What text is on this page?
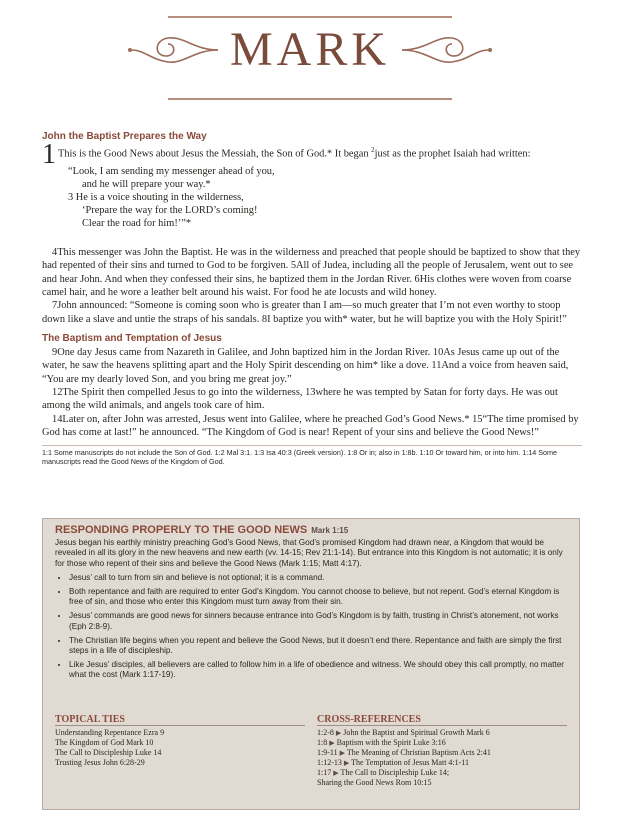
MARK
John the Baptist Prepares the Way
1 This is the Good News about Jesus the Messiah, the Son of God.* It began $^2$just as the prophet Isaiah had written:
“Look, I am sending my messenger ahead of you,
and he will prepare your way.*
3 He is a voice shouting in the wilderness,
‘Prepare the way for the LORD’s coming!
Clear the road for him!’”*

4This messenger was John the Baptist. He was in the wilderness and preached that people should be baptized to show that they had repented of their sins and turned to God to be forgiven. 5All of Judea, including all the people of Jerusalem, went out to see and hear John. And when they confessed their sins, he baptized them in the Jordan River. 6His clothes were woven from coarse camel hair, and he wore a leather belt around his waist. For food he ate locusts and wild honey.

7John announced: “Someone is coming soon who is greater than I am—so much greater that I’m not even worthy to stoop down like a slave and untie the straps of his sandals. 8I baptize you with* water, but he will baptize you with the Holy Spirit!”

The Baptism and Temptation of Jesus

9One day Jesus came from Nazareth in Galilee, and John baptized him in the Jordan River. 10As Jesus came up out of the water, he saw the heavens splitting apart and the Holy Spirit descending on him* like a dove. 11And a voice from heaven said, “You are my dearly loved Son, and you bring me great joy.”

12The Spirit then compelled Jesus to go into the wilderness, 13where he was tempted by Satan for forty days. He was out among the wild animals, and angels took care of him.

14Later on, after John was arrested, Jesus went into Galilee, where he preached God’s Good News.* 15“The time promised by God has come at last!” he announced. “The Kingdom of God is near! Repent of your sins and believe the Good News!”

1:1 Some manuscripts do not include the Son of God. 1:2 Mal 3:1. 1:3 Isa 40:3 (Greek version). 1:8 Or in; also in 1:8b. 1:10 Or toward him, or into him. 1:14 Some manuscripts read the Good News of the Kingdom of God.
RESPONDING PROPERLY TO THE GOOD NEWS Mark 1:15
Jesus began his earthly ministry preaching God’s Good News, that God’s promised Kingdom had drawn near, a Kingdom that would be revealed in all its glory in the new heavens and new earth (vv. 14-15; Rev 21:1-14). But entrance into this Kingdom is not automatic; it is only for those who repent of their sins and believe the Good News (Mark 1:15; Matt 4:17).
• Jesus’ call to turn from sin and believe is not optional; it is a command.
• Both repentance and faith are required to enter God’s Kingdom. You cannot choose to believe, but not repent. God’s eternal Kingdom is free of sin, and those who enter this Kingdom must turn away from their sin.
• Jesus’ commands are good news for sinners because entrance into God’s Kingdom is by faith, trusting in Christ’s atonement, not works (Eph 2:8-9).
• The Christian life begins when you repent and believe the Good News, but it doesn’t end there. Repentance and faith are simply the first steps in a life of discipleship.
• Like Jesus’ disciples, all believers are called to follow him in a life of obedience and witness. We should obey this call promptly, no matter what the cost (Mark 1:17-19).
TOPICAL TIES
Understanding Repentance Ezra 9
The Kingdom of God Mark 10
The Call to Discipleship Luke 14
Trusting Jesus John 6:28-29
CROSS-REFERENCES
1:2-8 ▶ John the Baptist and Spiritual Growth Mark 6
1:8 ▶ Baptism with the Spirit Luke 3:16
1:9-11 ▶ The Meaning of Christian Baptism Acts 2:41
1:12-13 ▶ The Temptation of Jesus Matt 4:1-11
1:17 ▶ The Call to Discipleship Luke 14;
Sharing the Good News Rom 10:15
